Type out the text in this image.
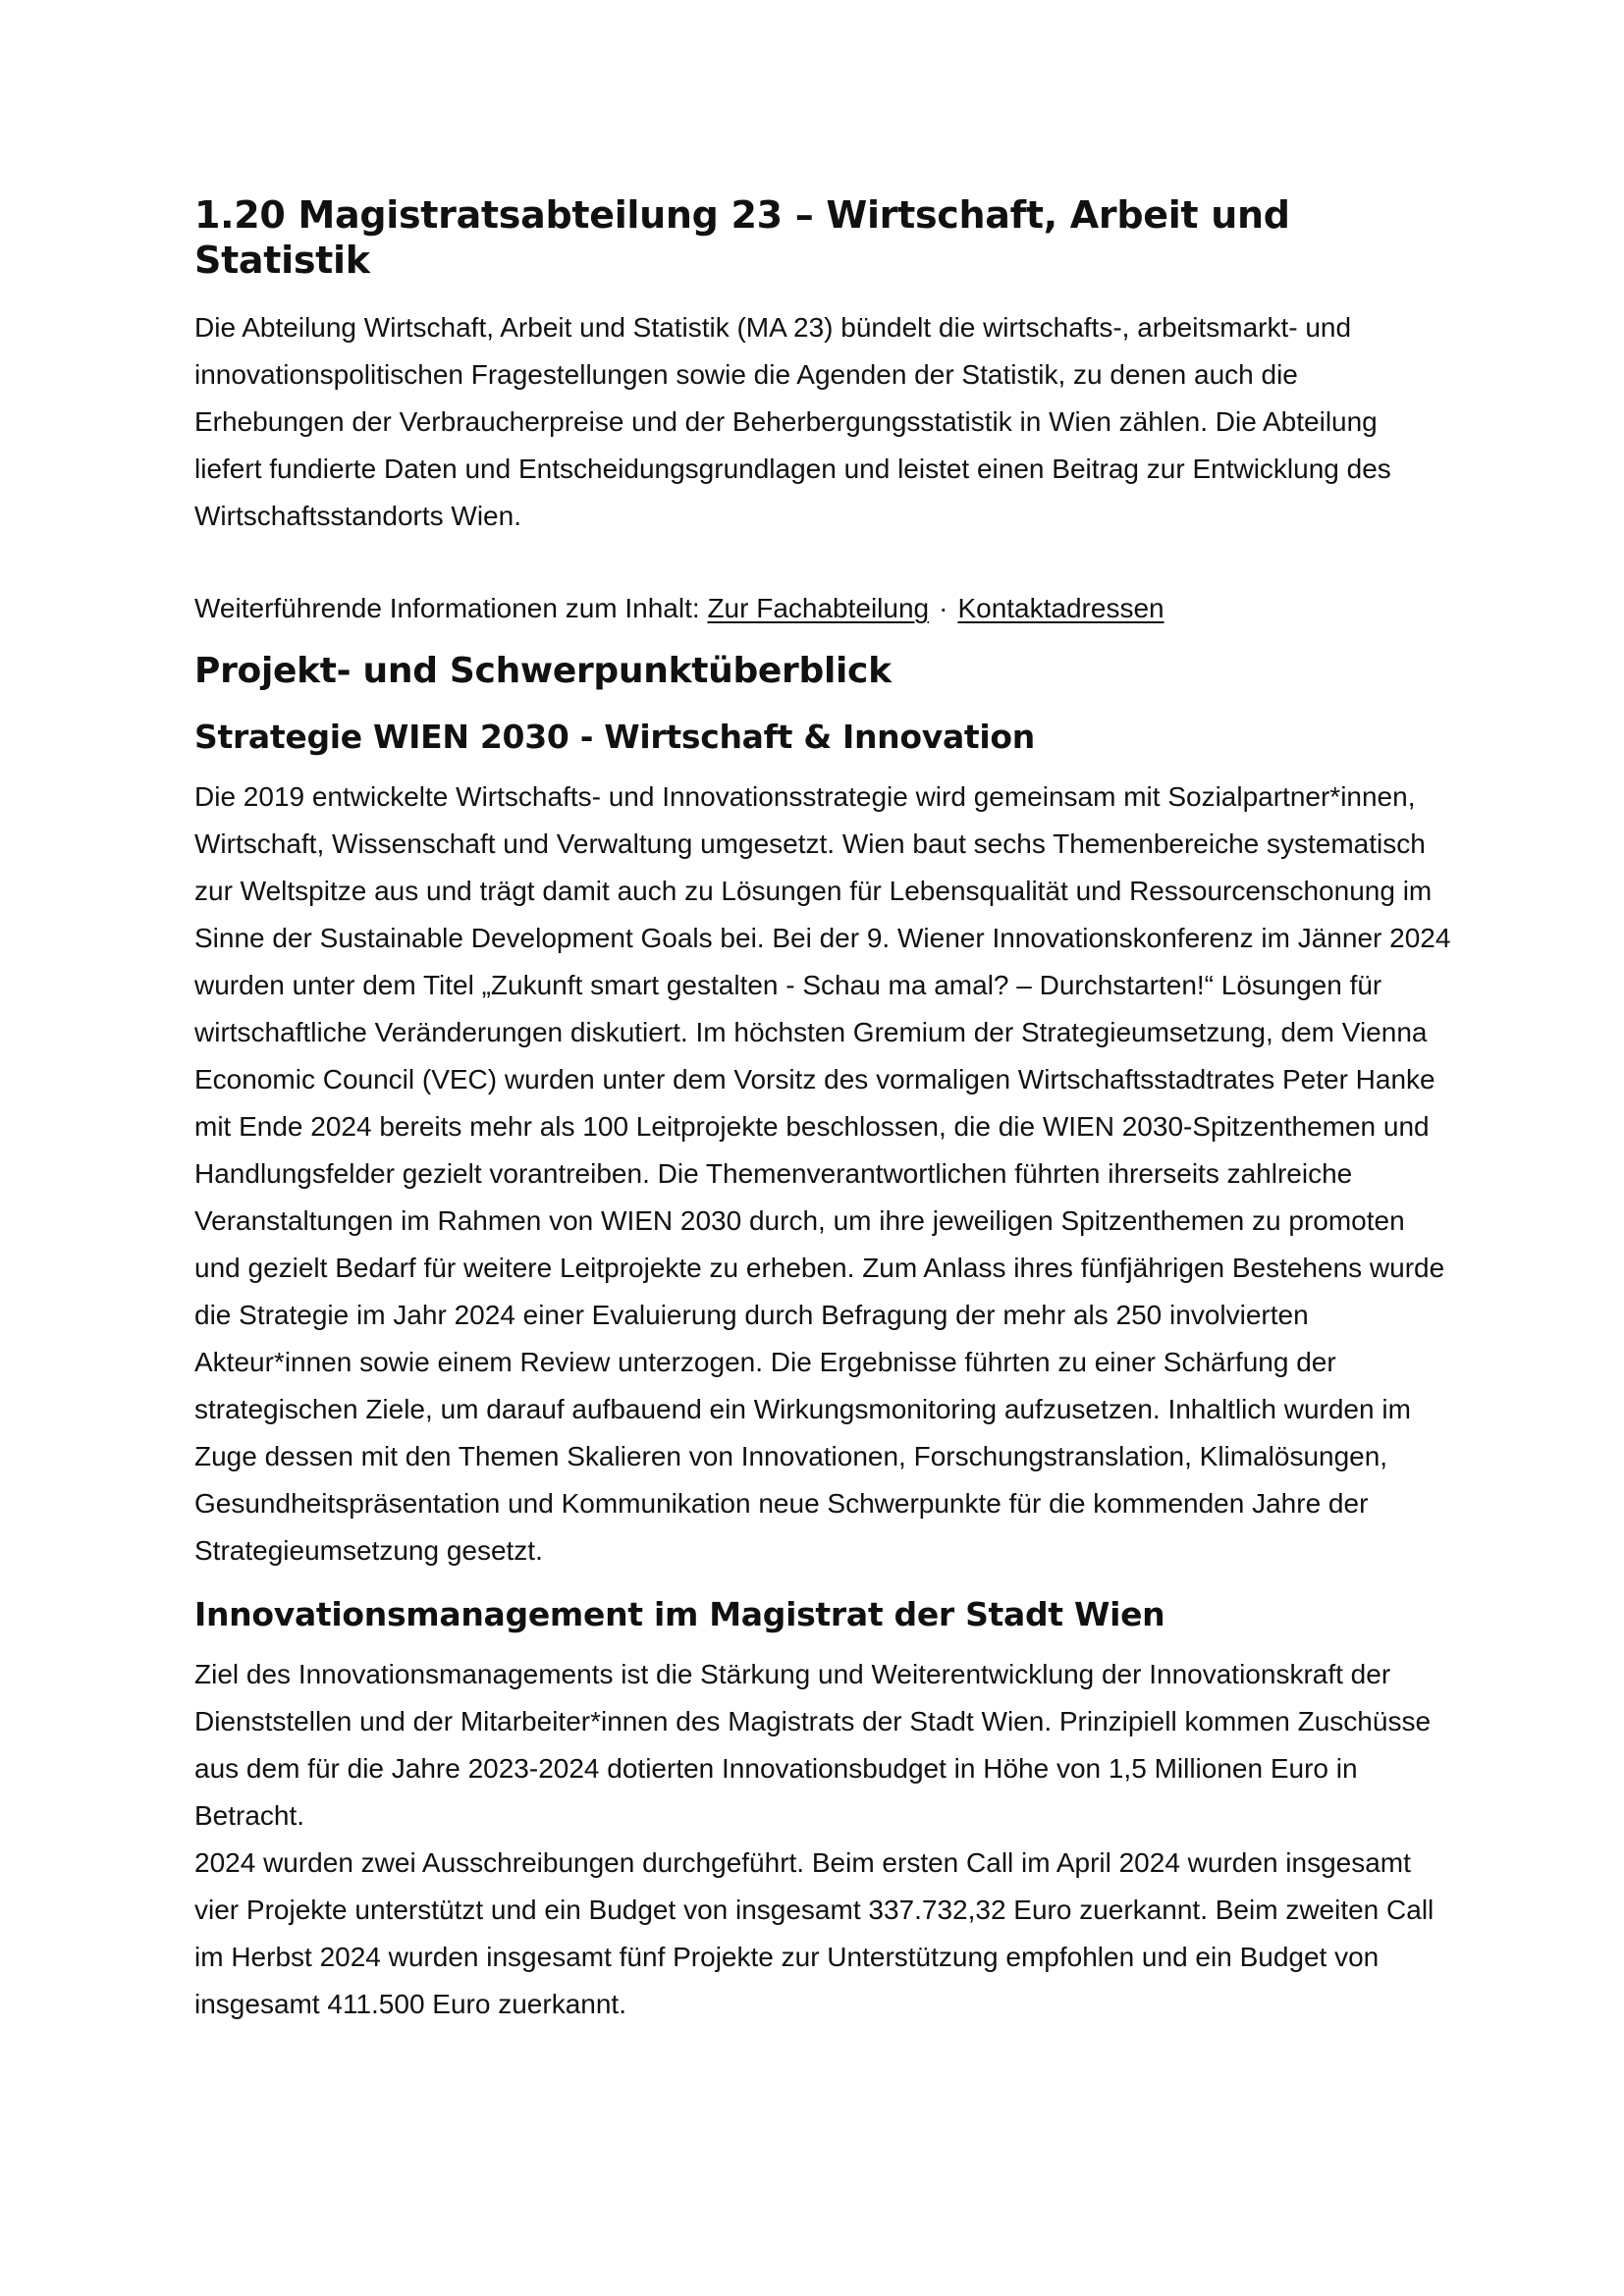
1.20 Magistratsabteilung 23 – Wirtschaft, Arbeit und Statistik

Die Abteilung Wirtschaft, Arbeit und Statistik (MA 23) bündelt die wirtschafts-, arbeitsmarkt- und innovationspolitischen Fragestellungen sowie die Agenden der Statistik, zu denen auch die Erhebungen der Verbraucherpreise und der Beherbergungsstatistik in Wien zählen. Die Abteilung liefert fundierte Daten und Entscheidungsgrundlagen und leistet einen Beitrag zur Entwicklung des Wirtschaftsstandorts Wien.

Weiterführende Informationen zum Inhalt: Zur Fachabteilung · Kontaktadressen

Projekt- und Schwerpunktüberblick
Strategie WIEN 2030 - Wirtschaft & Innovation

Die 2019 entwickelte Wirtschafts- und Innovationsstrategie wird gemeinsam mit Sozialpartner*innen, Wirtschaft, Wissenschaft und Verwaltung umgesetzt. Wien baut sechs Themenbereiche systematisch zur Weltspitze aus und trägt damit auch zu Lösungen für Lebensqualität und Ressourcenschonung im Sinne der Sustainable Development Goals bei. Bei der 9. Wiener Innovationskonferenz im Jänner 2024 wurden unter dem Titel „Zukunft smart gestalten - Schau ma amal? – Durchstarten!“ Lösungen für wirtschaftliche Veränderungen diskutiert. Im höchsten Gremium der Strategieumsetzung, dem Vienna Economic Council (VEC) wurden unter dem Vorsitz des vormaligen Wirtschaftsstadtrates Peter Hanke mit Ende 2024 bereits mehr als 100 Leitprojekte beschlossen, die die WIEN 2030-Spitzenthemen und Handlungsfelder gezielt vorantreiben. Die Themenverantwortlichen führten ihrerseits zahlreiche Veranstaltungen im Rahmen von WIEN 2030 durch, um ihre jeweiligen Spitzenthemen zu promoten und gezielt Bedarf für weitere Leitprojekte zu erheben. Zum Anlass ihres fünfjährigen Bestehens wurde die Strategie im Jahr 2024 einer Evaluierung durch Befragung der mehr als 250 involvierten Akteur*innen sowie einem Review unterzogen. Die Ergebnisse führten zu einer Schärfung der strategischen Ziele, um darauf aufbauend ein Wirkungsmonitoring aufzusetzen. Inhaltlich wurden im Zuge dessen mit den Themen Skalieren von Innovationen, Forschungstranslation, Klimalösungen, Gesundheitspräsentation und Kommunikation neue Schwerpunkte für die kommenden Jahre der Strategieumsetzung gesetzt.

Innovationsmanagement im Magistrat der Stadt Wien

Ziel des Innovationsmanagements ist die Stärkung und Weiterentwicklung der Innovationskraft der Dienststellen und der Mitarbeiter*innen des Magistrats der Stadt Wien. Prinzipiell kommen Zuschüsse aus dem für die Jahre 2023-2024 dotierten Innovationsbudget in Höhe von 1,5 Millionen Euro in Betracht.

2024 wurden zwei Ausschreibungen durchgeführt. Beim ersten Call im April 2024 wurden insgesamt vier Projekte unterstützt und ein Budget von insgesamt 337.732,32 Euro zuerkannt. Beim zweiten Call im Herbst 2024 wurden insgesamt fünf Projekte zur Unterstützung empfohlen und ein Budget von insgesamt 411.500 Euro zuerkannt.
